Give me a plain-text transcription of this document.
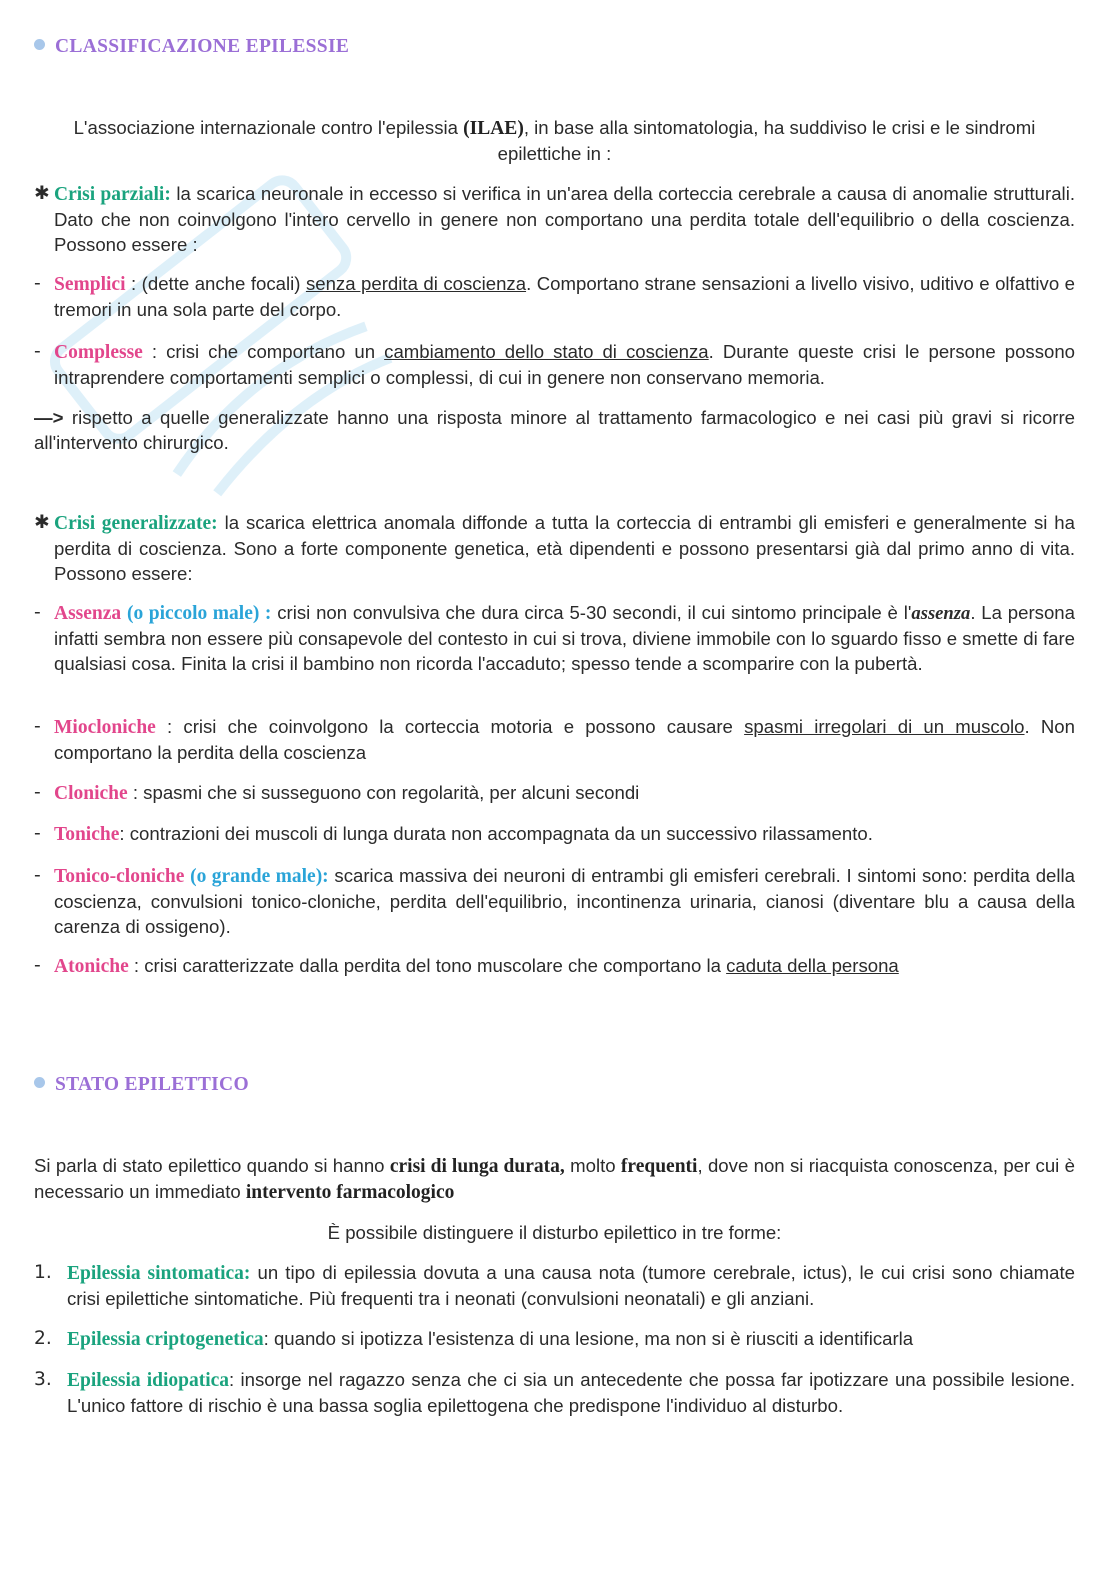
CLASSIFICAZIONE EPILESSIE
L'associazione internazionale contro l'epilessia (ILAE), in base alla sintomatologia, ha suddiviso le crisi e le sindromi epilettiche in :
✱ Crisi parziali: la scarica neuronale in eccesso si verifica in un'area della corteccia cerebrale a causa di anomalie strutturali. Dato che non coinvolgono l'intero cervello in genere non comportano una perdita totale dell'equilibrio o della coscienza. Possono essere :
- Semplici : (dette anche focali) senza perdita di coscienza. Comportano strane sensazioni a livello visivo, uditivo e olfattivo e tremori in una sola parte del corpo.
- Complesse : crisi che comportano un cambiamento dello stato di coscienza. Durante queste crisi le persone possono intraprendere comportamenti semplici o complessi, di cui in genere non conservano memoria.
—> rispetto a quelle generalizzate hanno una risposta minore al trattamento farmacologico e nei casi più gravi si ricorre all'intervento chirurgico.
✱ Crisi generalizzate: la scarica elettrica anomala diffonde a tutta la corteccia di entrambi gli emisferi e generalmente si ha perdita di coscienza. Sono a forte componente genetica, età dipendenti e possono presentarsi già dal primo anno di vita. Possono essere:
- Assenza (o piccolo male) : crisi non convulsiva che dura circa 5-30 secondi, il cui sintomo principale è l'assenza. La persona infatti sembra non essere più consapevole del contesto in cui si trova, diviene immobile con lo sguardo fisso e smette di fare qualsiasi cosa. Finita la crisi il bambino non ricorda l'accaduto; spesso tende a scomparire con la pubertà.
- Miocloniche : crisi che coinvolgono la corteccia motoria e possono causare spasmi irregolari di un muscolo. Non comportano la perdita della coscienza
- Cloniche : spasmi che si susseguono con regolarità, per alcuni secondi
- Toniche: contrazioni dei muscoli di lunga durata non accompagnata da un successivo rilassamento.
- Tonico-cloniche (o grande male): scarica massiva dei neuroni di entrambi gli emisferi cerebrali. I sintomi sono: perdita della coscienza, convulsioni tonico-cloniche, perdita dell'equilibrio, incontinenza urinaria, cianosi (diventare blu a causa della carenza di ossigeno).
- Atoniche : crisi caratterizzate dalla perdita del tono muscolare che comportano la caduta della persona
STATO EPILETTICO
Si parla di stato epilettico quando si hanno crisi di lunga durata, molto frequenti, dove non si riacquista conoscenza, per cui è necessario un immediato intervento farmacologico
È possibile distinguere il disturbo epilettico in tre forme:
1. Epilessia sintomatica: un tipo di epilessia dovuta a una causa nota (tumore cerebrale, ictus), le cui crisi sono chiamate crisi epilettiche sintomatiche. Più frequenti tra i neonati (convulsioni neonatali) e gli anziani.
2. Epilessia criptogenetica: quando si ipotizza l'esistenza di una lesione, ma non si è riusciti a identificarla
3. Epilessia idiopatica: insorge nel ragazzo senza che ci sia un antecedente che possa far ipotizzare una possibile lesione. L'unico fattore di rischio è una bassa soglia epilettogena che predispone l'individuo al disturbo.
